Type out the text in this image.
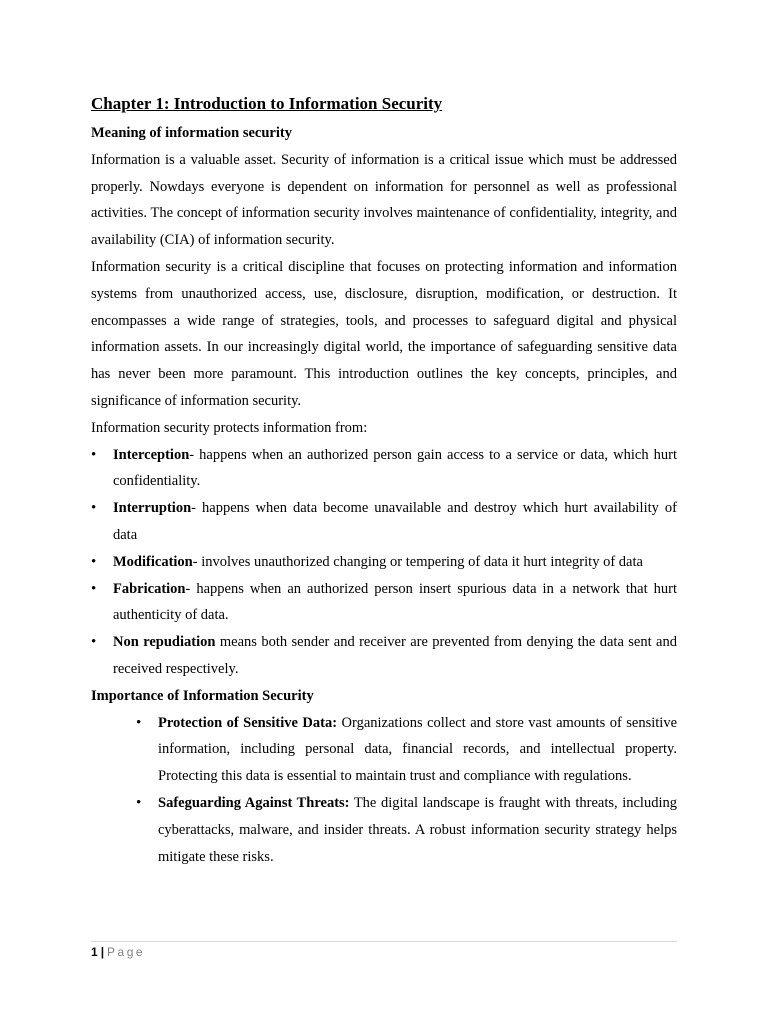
Chapter 1: Introduction to Information Security

Meaning of information security

Information is a valuable asset. Security of information is a critical issue which must be addressed properly. Nowdays everyone is dependent on information for personnel as well as professional activities. The concept of information security involves maintenance of confidentiality, integrity, and availability (CIA) of information security.

Information security is a critical discipline that focuses on protecting information and information systems from unauthorized access, use, disclosure, disruption, modification, or destruction. It encompasses a wide range of strategies, tools, and processes to safeguard digital and physical information assets. In our increasingly digital world, the importance of safeguarding sensitive data has never been more paramount. This introduction outlines the key concepts, principles, and significance of information security.

Information security protects information from:

• Interception- happens when an authorized person gain access to a service or data, which hurt confidentiality.
• Interruption- happens when data become unavailable and destroy which hurt availability of data
• Modification- involves unauthorized changing or tempering of data it hurt integrity of data
• Fabrication- happens when an authorized person insert spurious data in a network that hurt authenticity of data.
• Non repudiation means both sender and receiver are prevented from denying the data sent and received respectively.

Importance of Information Security

• Protection of Sensitive Data: Organizations collect and store vast amounts of sensitive information, including personal data, financial records, and intellectual property. Protecting this data is essential to maintain trust and compliance with regulations.
• Safeguarding Against Threats: The digital landscape is fraught with threats, including cyberattacks, malware, and insider threats. A robust information security strategy helps mitigate these risks.
1 | Page
